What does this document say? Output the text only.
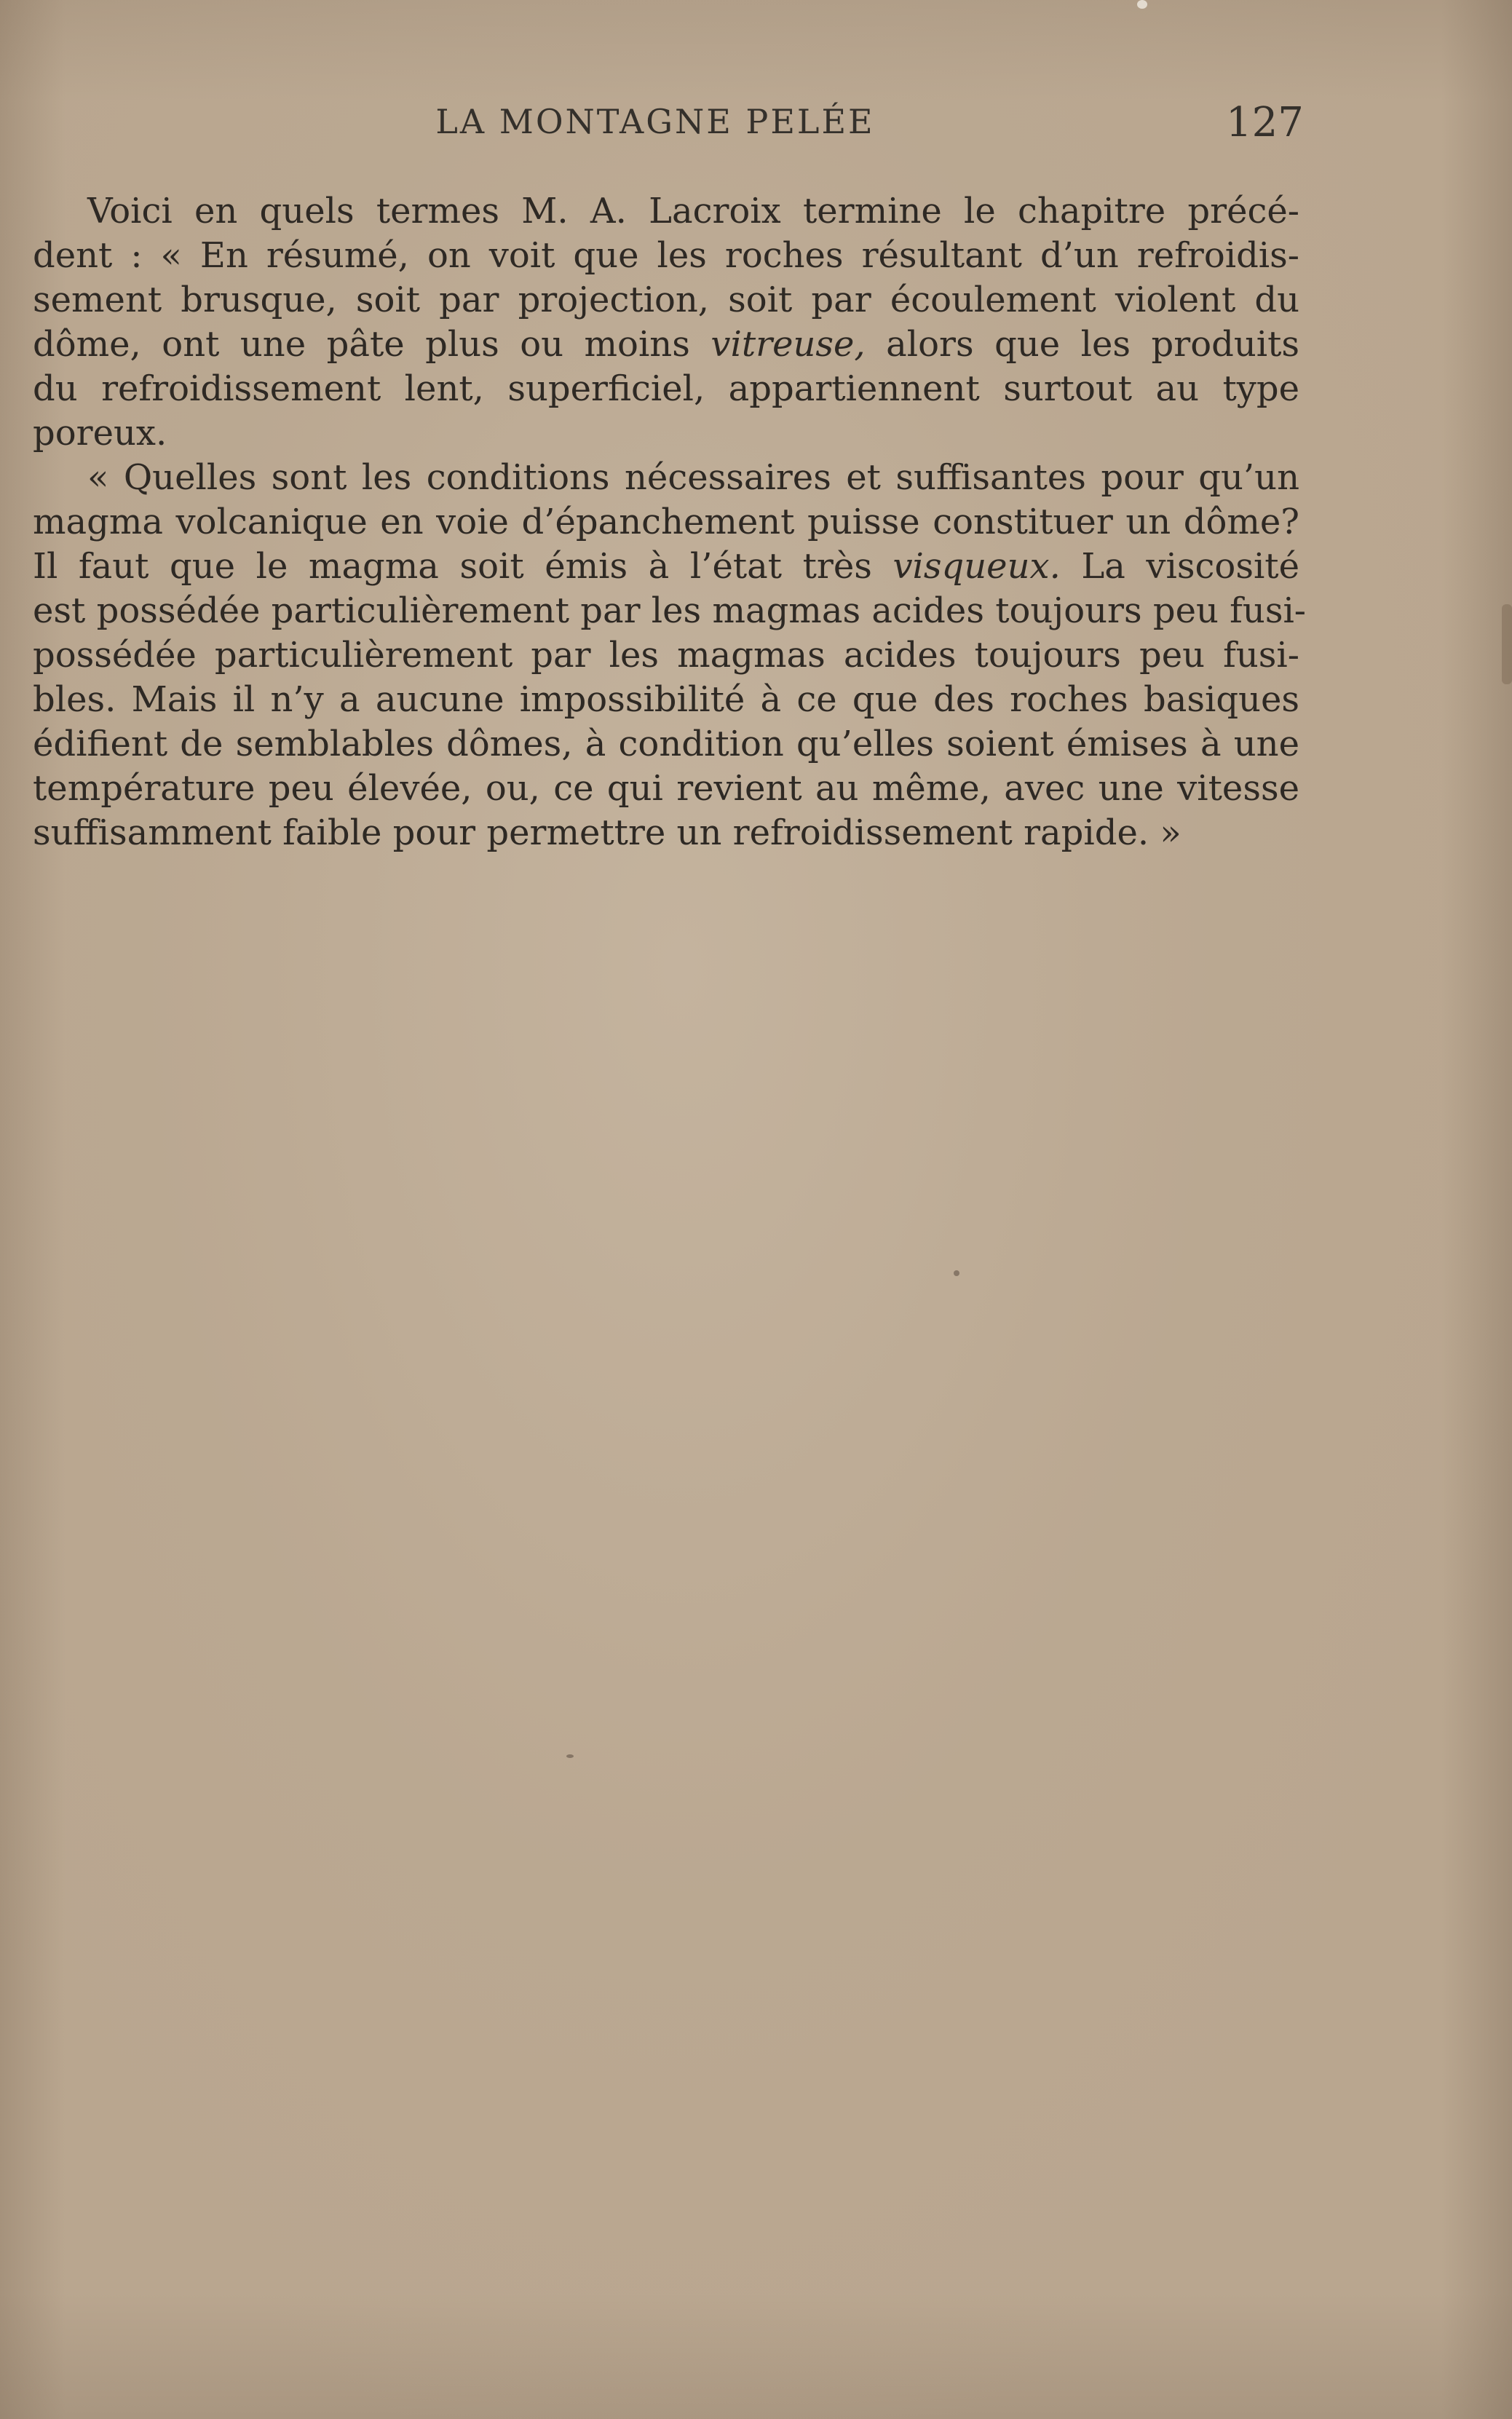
LA MONTAGNE PELÉE	127
Voici en quels termes M. A. Lacroix termine le chapitre précé-
dent : « En résumé, on voit que les roches résultant d’un refroidis-
sement brusque, soit par projection, soit par écoulement violent du
dôme, ont une pâte plus ou moins vitreuse, alors que les produits
du refroidissement lent, superficiel, appartiennent surtout au type
poreux.
« Quelles sont les conditions nécessaires et suffisantes pour qu’un
magma volcanique en voie d’épanchement puisse constituer un dôme?
Il faut que le magma soit émis à l’état très visqueux. La viscosité
est possédée particulièrement par les magmas acides toujours peu fusi-
possédée particulièrement par les magmas acides toujours peu fusi-
bles. Mais il n’y a aucune impossibilité à ce que des roches basiques
édifient de semblables dômes, à condition qu’elles soient émises à une
température peu élevée, ou, ce qui revient au même, avec une vitesse
suffisamment faible pour permettre un refroidissement rapide. »
